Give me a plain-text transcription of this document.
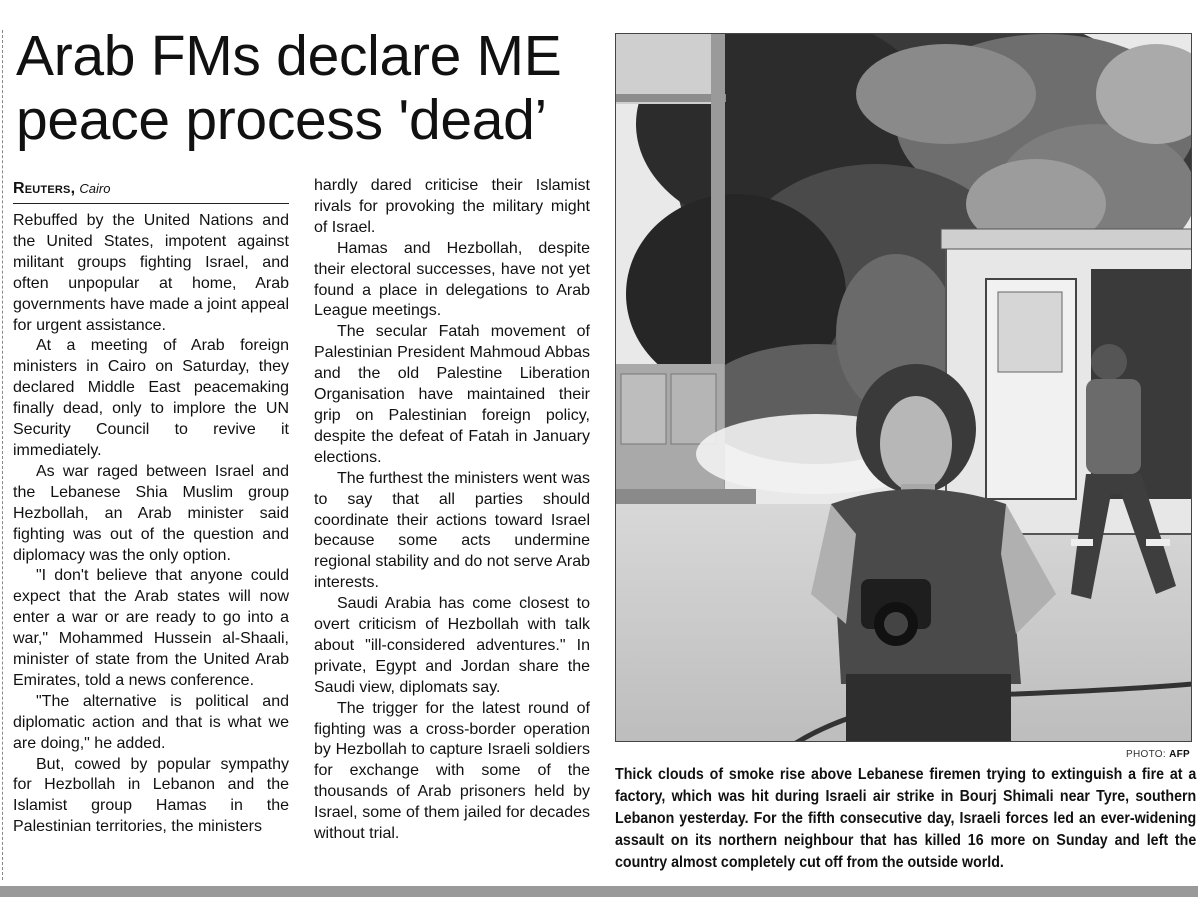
Arab FMs declare ME
peace process 'dead’
Reuters, Cairo

Rebuffed by the United Nations and the United States, impotent against militant groups fighting Israel, and often unpopular at home, Arab governments have made a joint appeal for urgent assistance.

At a meeting of Arab foreign ministers in Cairo on Saturday, they declared Middle East peacemaking finally dead, only to implore the UN Security Council to revive it immediately.

As war raged between Israel and the Lebanese Shia Muslim group Hezbollah, an Arab minister said fighting was out of the question and diplomacy was the only option.

"I don't believe that anyone could expect that the Arab states will now enter a war or are ready to go into a war," Mohammed Hussein al-Shaali, minister of state from the United Arab Emirates, told a news conference.

"The alternative is political and diplomatic action and that is what we are doing," he added.

But, cowed by popular sympathy for Hezbollah in Lebanon and the Islamist group Hamas in the Palestinian territories, the ministers

hardly dared criticise their Islamist rivals for provoking the military might of Israel.

Hamas and Hezbollah, despite their electoral successes, have not yet found a place in delegations to Arab League meetings.

The secular Fatah movement of Palestinian President Mahmoud Abbas and the old Palestine Liberation Organisation have maintained their grip on Palestinian foreign policy, despite the defeat of Fatah in January elections.

The furthest the ministers went was to say that all parties should coordinate their actions toward Israel because some acts undermine regional stability and do not serve Arab interests.

Saudi Arabia has come closest to overt criticism of Hezbollah with talk about "ill-considered adventures." In private, Egypt and Jordan share the Saudi view, diplomats say.

The trigger for the latest round of fighting was a cross-border operation by Hezbollah to capture Israeli soldiers for exchange with some of the thousands of Arab prisoners held by Israel, some of them jailed for decades without trial.

PHOTO: AFP
Thick clouds of smoke rise above Lebanese firemen trying to extinguish a fire at a factory, which was hit during Israeli air strike in Bourj Shimali near Tyre, southern Lebanon yesterday. For the fifth consecutive day, Israeli forces led an ever-widening assault on its northern neighbour that has killed 16 more on Sunday and left the country almost completely cut off from the outside world.
